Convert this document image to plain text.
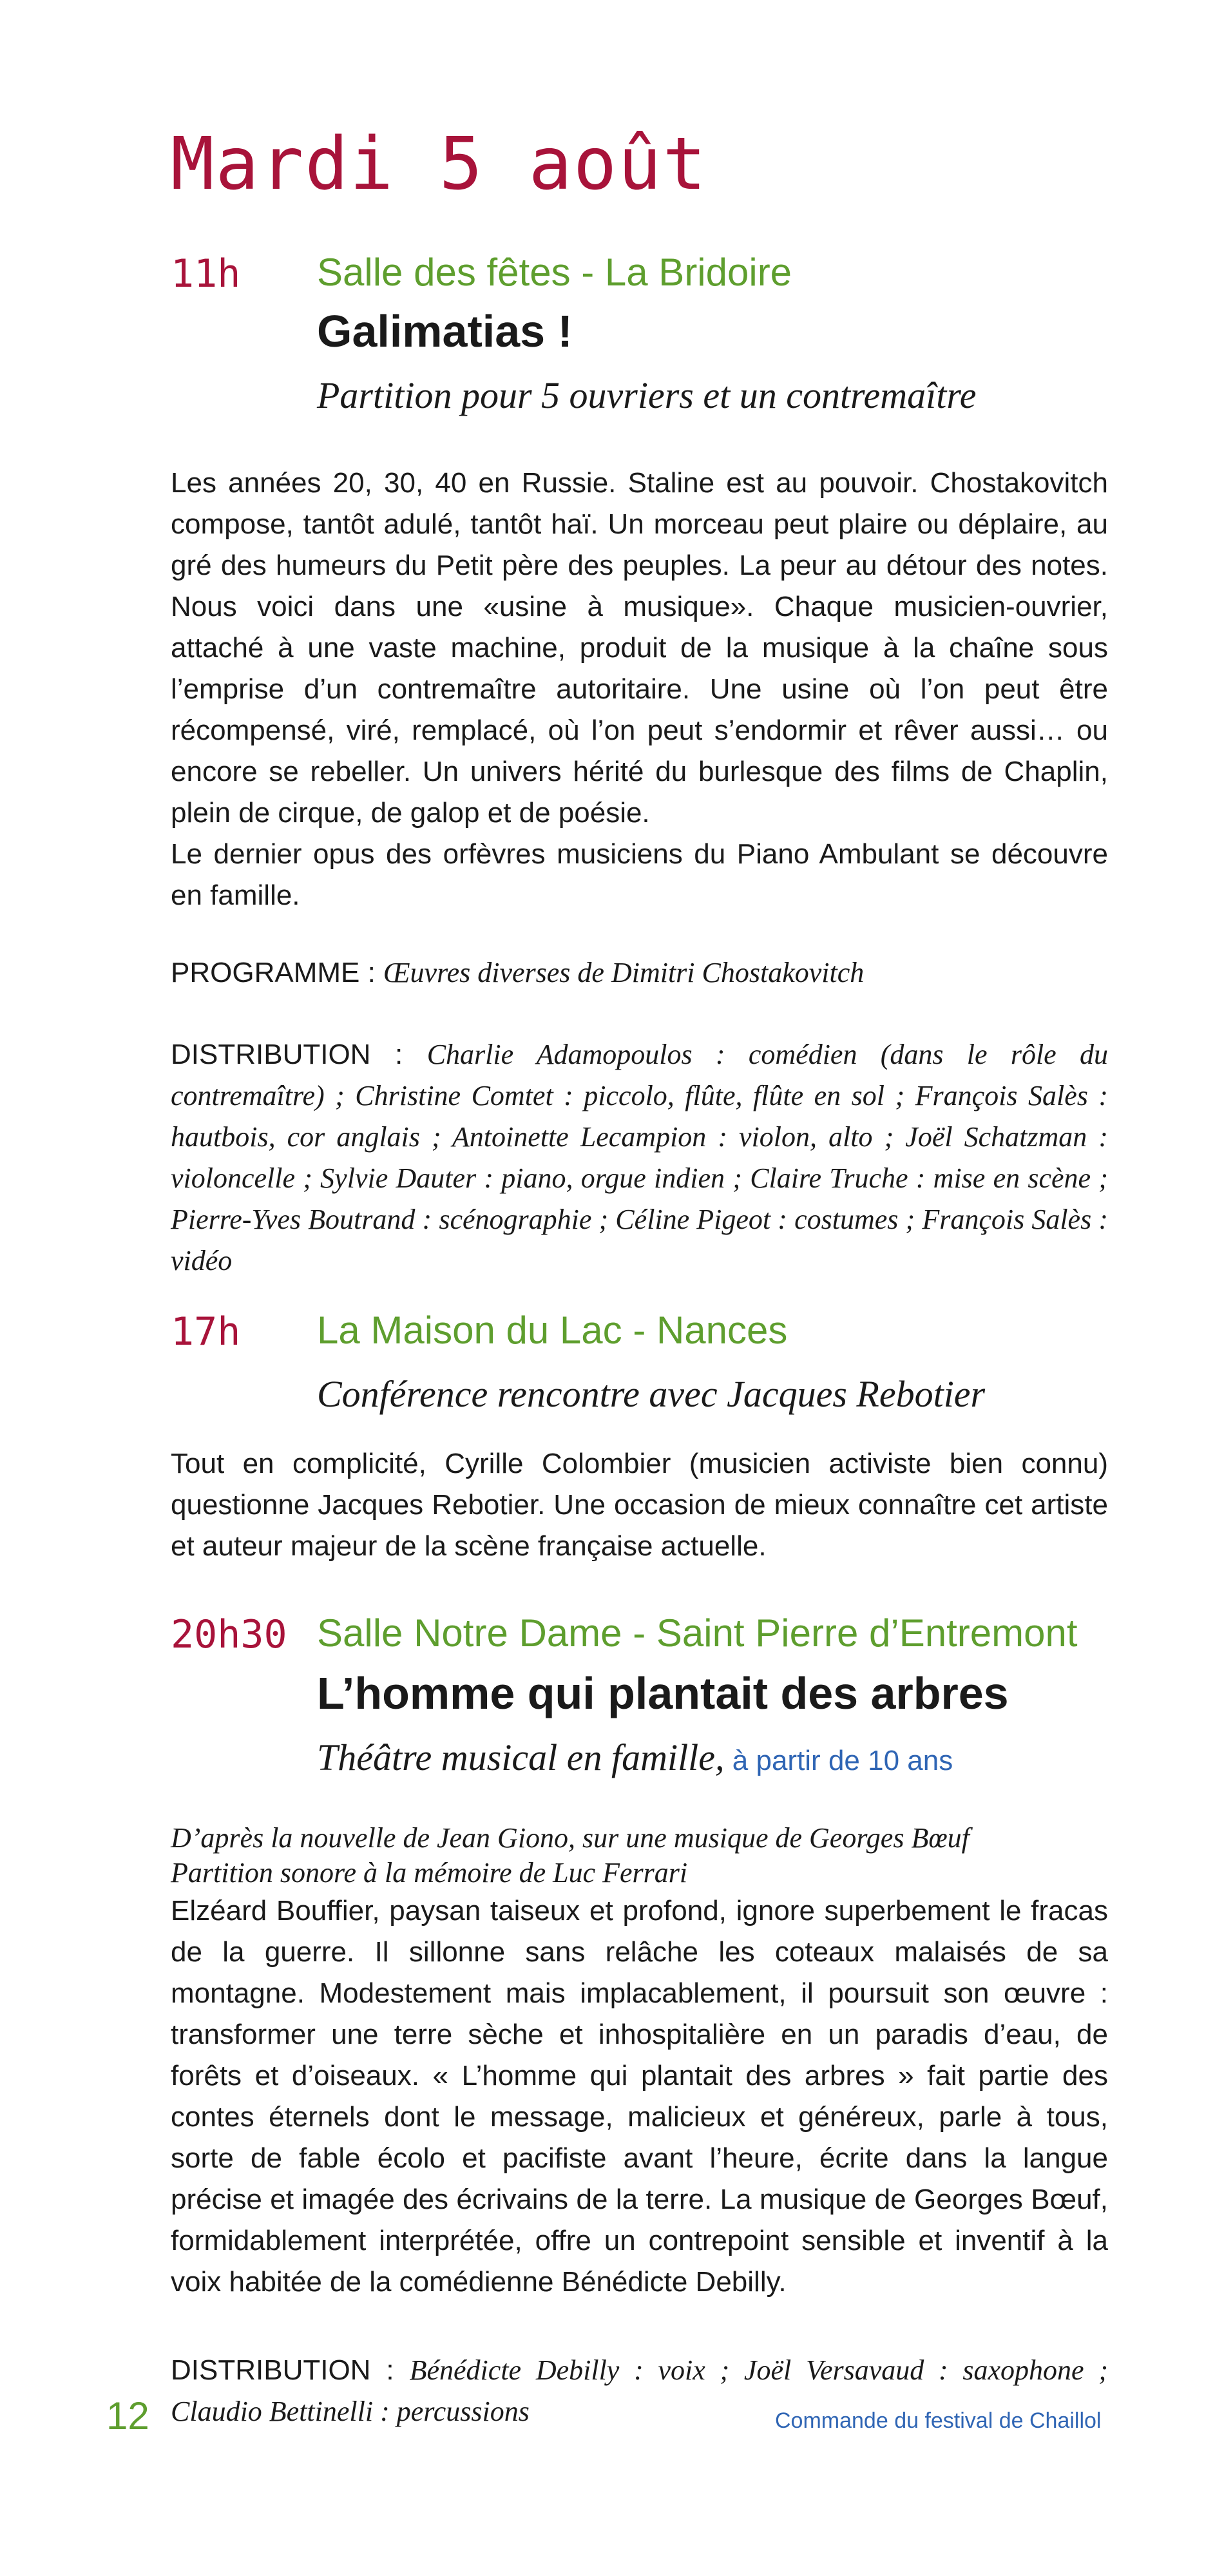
Mardi 5 août
11h Salle des fêtes - La Bridoire
Galimatias !
Partition pour 5 ouvriers et un contremaître

Les années 20, 30, 40 en Russie. Staline est au pouvoir. Chostakovitch compose, tantôt adulé, tantôt haï. Un morceau peut plaire ou déplaire, au gré des humeurs du Petit père des peuples. La peur au détour des notes. Nous voici dans une «usine à musique». Chaque musicien-ouvrier, attaché à une vaste machine, produit de la musique à la chaîne sous l’emprise d’un contremaître autoritaire. Une usine où l’on peut être récompensé, viré, remplacé, où l’on peut s’endormir et rêver aussi… ou encore se rebeller. Un univers hérité du burlesque des films de Chaplin, plein de cirque, de galop et de poésie.

Le dernier opus des orfèvres musiciens du Piano Ambulant se découvre en famille.

PROGRAMME : Œuvres diverses de Dimitri Chostakovitch

DISTRIBUTION : Charlie Adamopoulos : comédien (dans le rôle du contremaître) ; Christine Comtet : piccolo, flûte, flûte en sol ; François Salès : hautbois, cor anglais ; Antoinette Lecampion : violon, alto ; Joël Schatzman : violoncelle ; Sylvie Dauter : piano, orgue indien ; Claire Truche : mise en scène ; Pierre-Yves Boutrand : scénographie ; Céline Pigeot : costumes ; François Salès : vidéo

17h La Maison du Lac - Nances
Conférence rencontre avec Jacques Rebotier

Tout en complicité, Cyrille Colombier (musicien activiste bien connu) questionne Jacques Rebotier. Une occasion de mieux connaître cet artiste et auteur majeur de la scène française actuelle.

20h30 Salle Notre Dame - Saint Pierre d’Entremont
L’homme qui plantait des arbres
Théâtre musical en famille, à partir de 10 ans

D’après la nouvelle de Jean Giono, sur une musique de Georges Bœuf
Partition sonore à la mémoire de Luc Ferrari

Elzéard Bouffier, paysan taiseux et profond, ignore superbement le fracas de la guerre. Il sillonne sans relâche les coteaux malaisés de sa montagne. Modestement mais implacablement, il poursuit son œuvre : transformer une terre sèche et inhospitalière en un paradis d’eau, de forêts et d’oiseaux. « L’homme qui plantait des arbres » fait partie des contes éternels dont le message, malicieux et généreux, parle à tous, sorte de fable écolo et pacifiste avant l’heure, écrite dans la langue précise et imagée des écrivains de la terre. La musique de Georges Bœuf, formidablement interprétée, offre un contrepoint sensible et inventif à la voix habitée de la comédienne Bénédicte Debilly.

DISTRIBUTION : Bénédicte Debilly : voix ; Joël Versavaud : saxophone ; Claudio Bettinelli : percussions

12	Commande du festival de Chaillol
